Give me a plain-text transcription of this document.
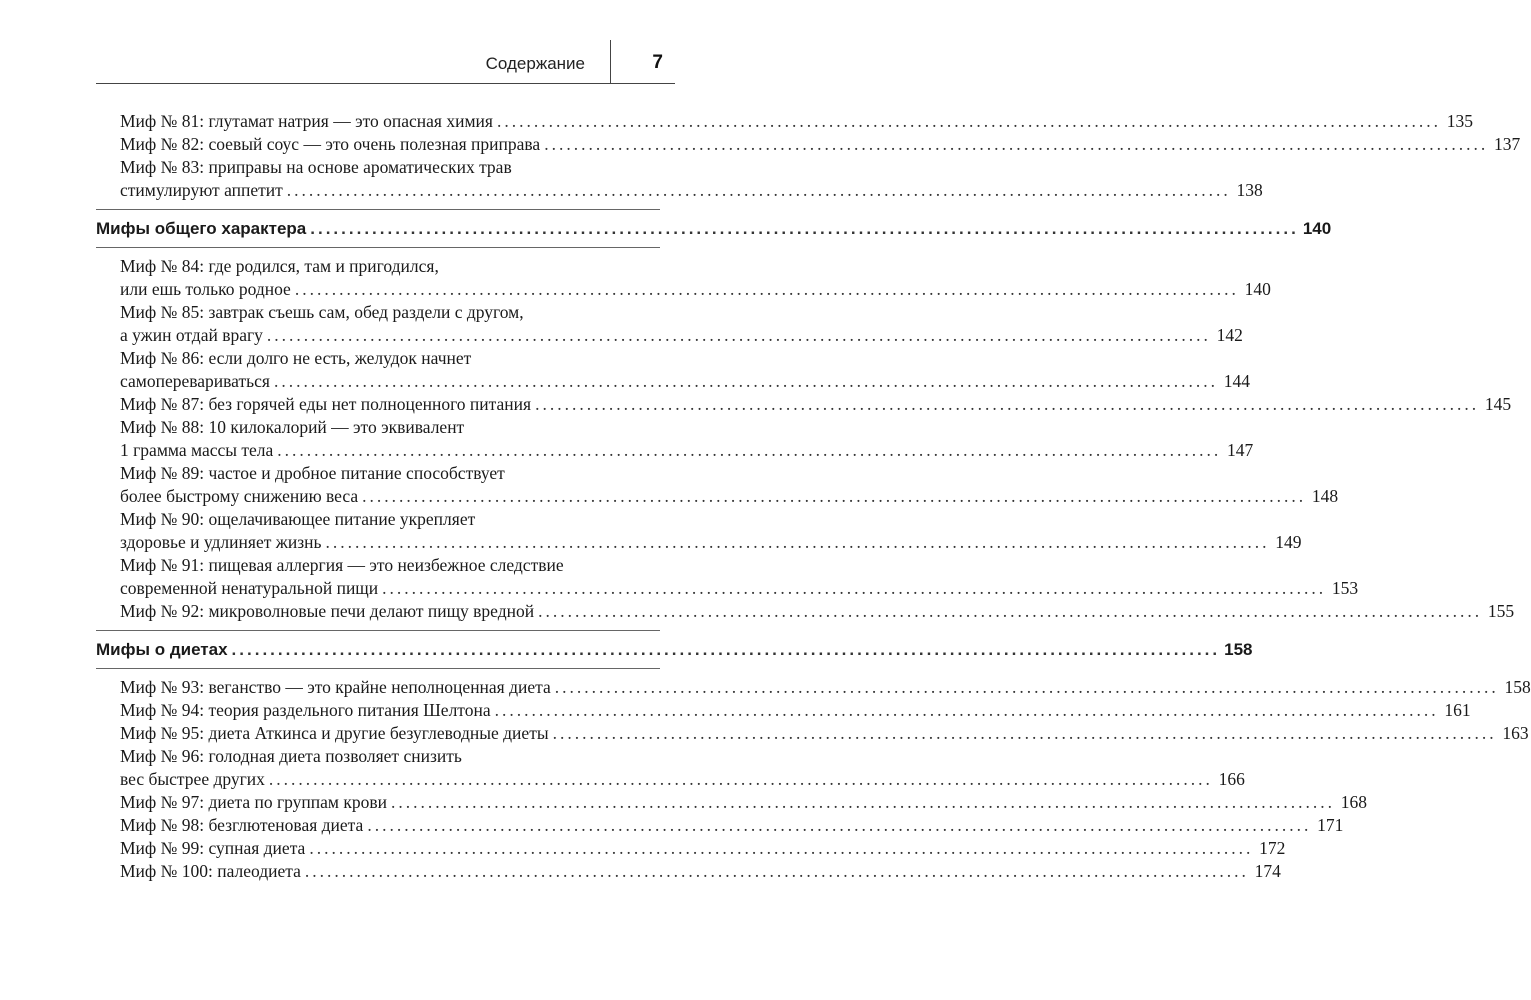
Содержание	7
Миф № 81: глутамат натрия — это опасная химия ................................................................................................................................ 135
Миф № 82: соевый соус — это очень полезная приправа ................................................................................................................................ 137
Миф № 83: приправы на основе ароматических трав
стимулируют аппетит ................................................................................................................................ 138
Мифы общего характера ................................................................................................................................ 140
Миф № 84: где родился, там и пригодился,
или ешь только родное ................................................................................................................................ 140
Миф № 85: завтрак съешь сам, обед раздели с другом,
а ужин отдай врагу ................................................................................................................................ 142
Миф № 86: если долго не есть, желудок начнет
самоперевариваться ................................................................................................................................ 144
Миф № 87: без горячей еды нет полноценного питания ................................................................................................................................ 145
Миф № 88: 10 килокалорий — это эквивалент
1 грамма массы тела ................................................................................................................................ 147
Миф № 89: частое и дробное питание способствует
более быстрому снижению веса ................................................................................................................................ 148
Миф № 90: ощелачивающее питание укрепляет
здоровье и удлиняет жизнь ................................................................................................................................ 149
Миф № 91: пищевая аллергия — это неизбежное следствие
современной ненатуральной пищи ................................................................................................................................ 153
Миф № 92: микроволновые печи делают пищу вредной ................................................................................................................................ 155
Мифы о диетах ................................................................................................................................ 158
Миф № 93: веганство — это крайне неполноценная диета ................................................................................................................................ 158
Миф № 94: теория раздельного питания Шелтона ................................................................................................................................ 161
Миф № 95: диета Аткинса и другие безуглеводные диеты ................................................................................................................................ 163
Миф № 96: голодная диета позволяет снизить
вес быстрее других ................................................................................................................................ 166
Миф № 97: диета по группам крови ................................................................................................................................ 168
Миф № 98: безглютеновая диета ................................................................................................................................ 171
Миф № 99: супная диета ................................................................................................................................ 172
Миф № 100: палеодиета ................................................................................................................................ 174
